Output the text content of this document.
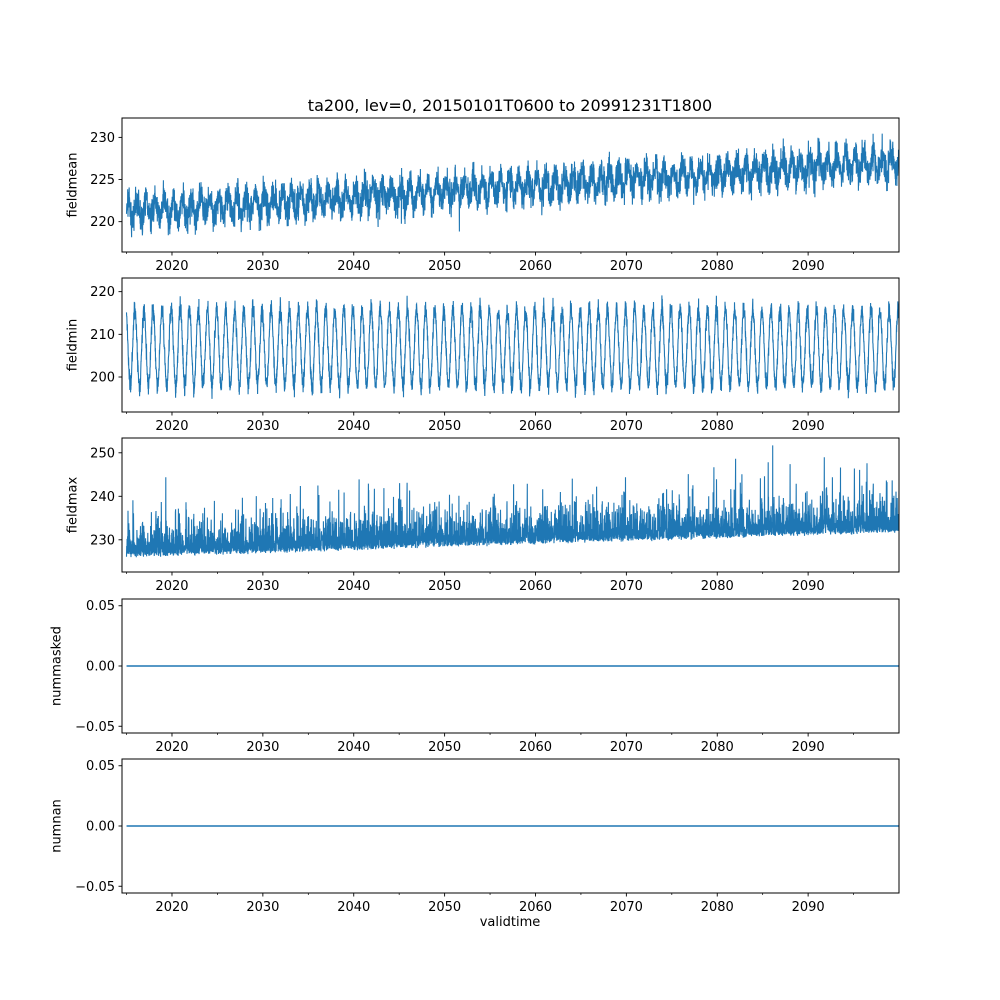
220
225
230
2020	2030	2040	2050	2060	2070	2080	2090
200
210
220
2020	2030	2040	2050	2060	2070	2080	2090
230
240
250
2020	2030	2040	2050	2060	2070	2080	2090
0.05
0.00
−0.05
2020	2030	2040	2050	2060	2070	2080	2090
0.05
0.00
−0.05
2020	2030	2040	2050	2060	2070	2080	2090
ta200, lev=0, 20150101T0600 to 20991231T1800
fieldmean
fieldmin
fieldmax
nummasked
numnan
validtime
